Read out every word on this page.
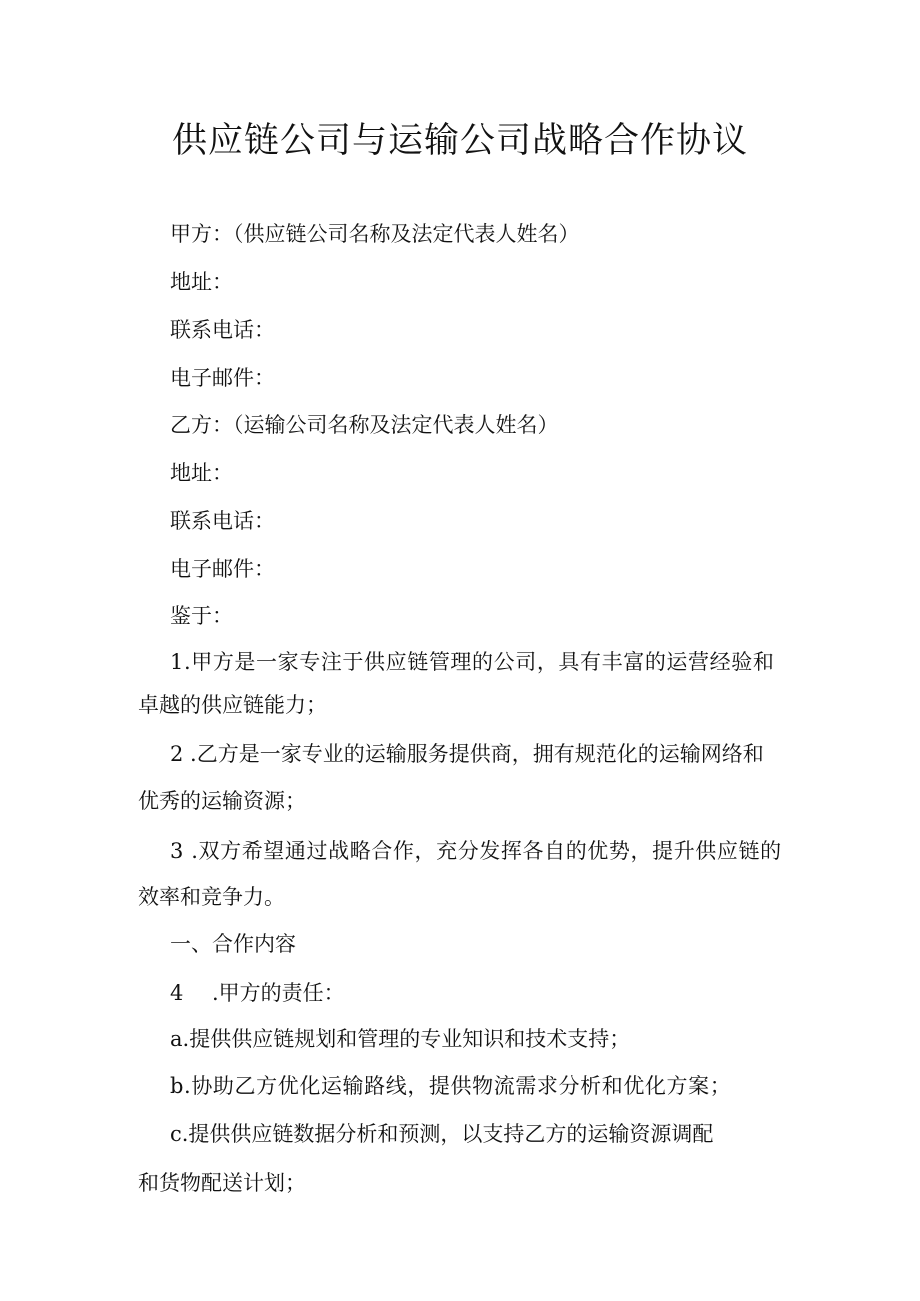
供应链公司与运输公司战略合作协议

甲方：（供应链公司名称及法定代表人姓名）

地址：

联系电话：

电子邮件：

乙方：（运输公司名称及法定代表人姓名）

地址：

联系电话：

电子邮件：

鉴于：

1.甲方是一家专注于供应链管理的公司，具有丰富的运营经验和

卓越的供应链能力；

2 .乙方是一家专业的运输服务提供商，拥有规范化的运输网络和

优秀的运输资源；

3 .双方希望通过战略合作，充分发挥各自的优势，提升供应链的

效率和竞争力。

一、合作内容

4 .甲方的责任：

a.提供供应链规划和管理的专业知识和技术支持；

b.协助乙方优化运输路线，提供物流需求分析和优化方案；

c.提供供应链数据分析和预测，以支持乙方的运输资源调配

和货物配送计划；
